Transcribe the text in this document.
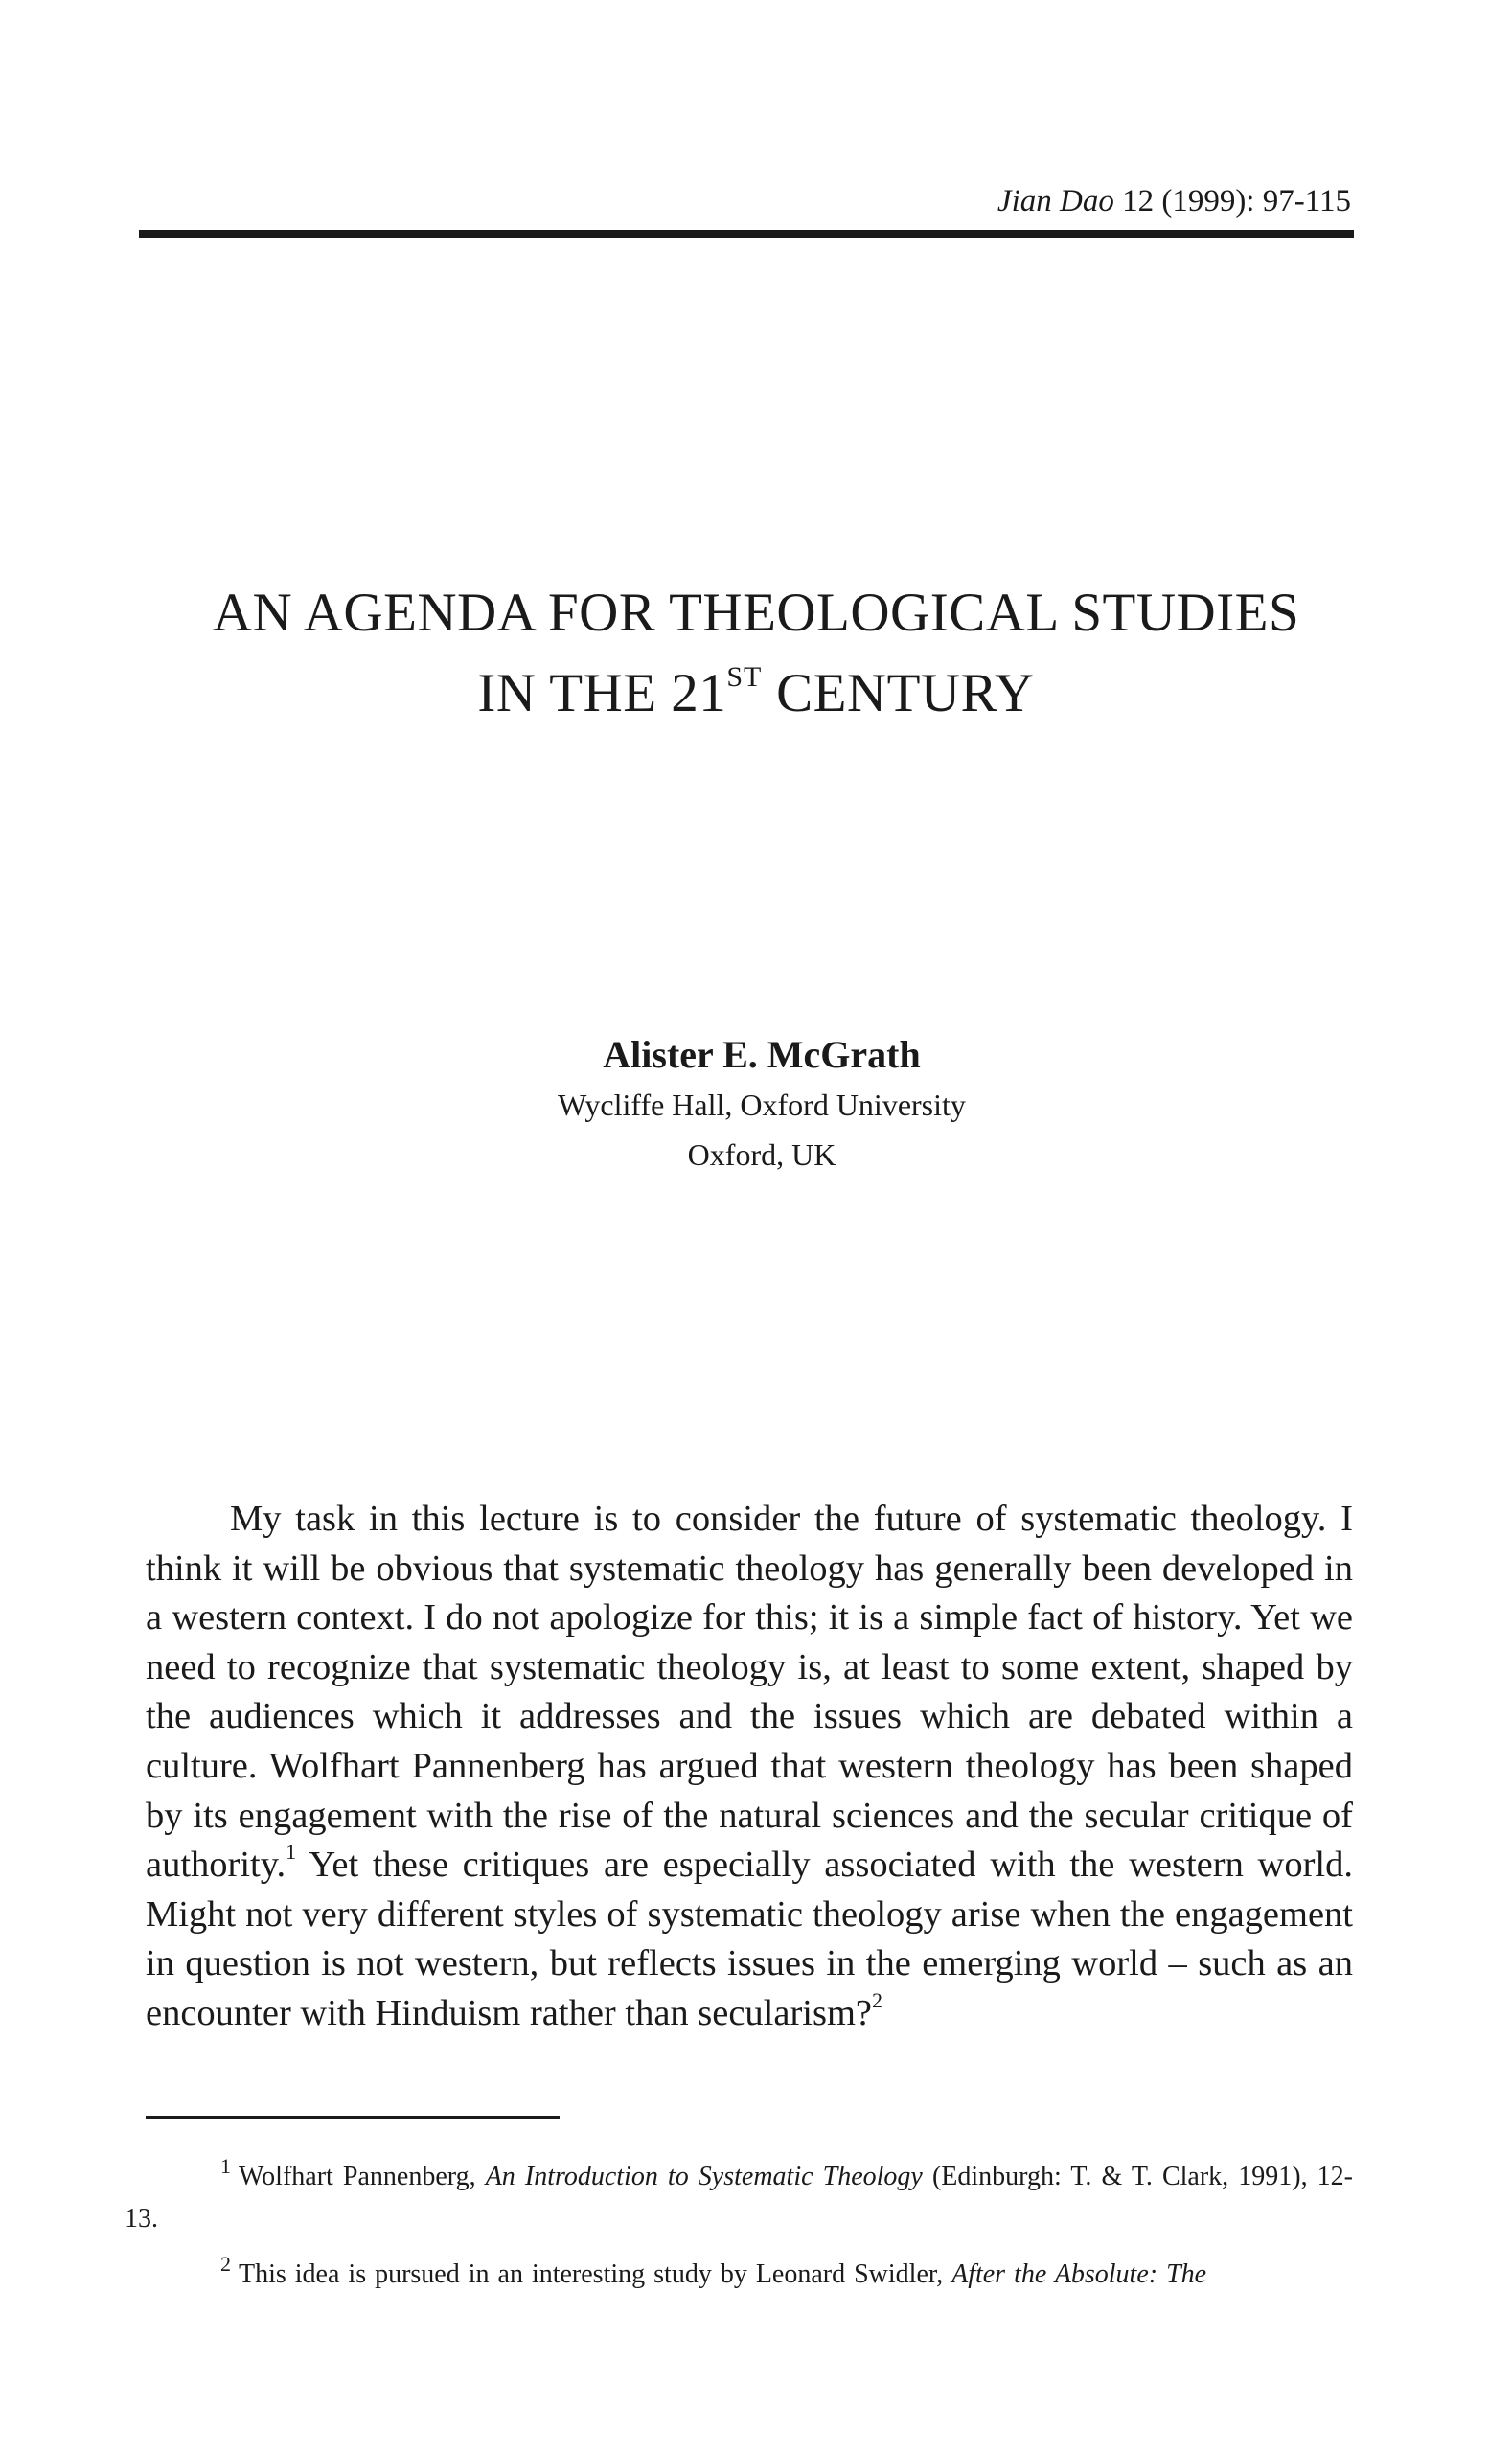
Jian Dao 12 (1999): 97-115
AN AGENDA FOR THEOLOGICAL STUDIES
IN THE 21ST CENTURY
Alister E. McGrath
Wycliffe Hall, Oxford University
Oxford, UK

My task in this lecture is to consider the future of systematic theology. I think it will be obvious that systematic theology has generally been developed in a western context. I do not apologize for this; it is a simple fact of history. Yet we need to recognize that systematic theology is, at least to some extent, shaped by the audiences which it addresses and the issues which are debated within a culture. Wolfhart Pannenberg has argued that western theology has been shaped by its engagement with the rise of the natural sciences and the secular critique of authority.$^1$ Yet these critiques are especially associated with the western world. Might not very different styles of systematic theology arise when the engagement in question is not western, but reflects issues in the emerging world – such as an encounter with Hinduism rather than secularism?$^2$

$^1$ Wolfhart Pannenberg, An Introduction to Systematic Theology (Edinburgh: T. & T. Clark, 1991), 12-13.

$^2$ This idea is pursued in an interesting study by Leonard Swidler, After the Absolute: The
